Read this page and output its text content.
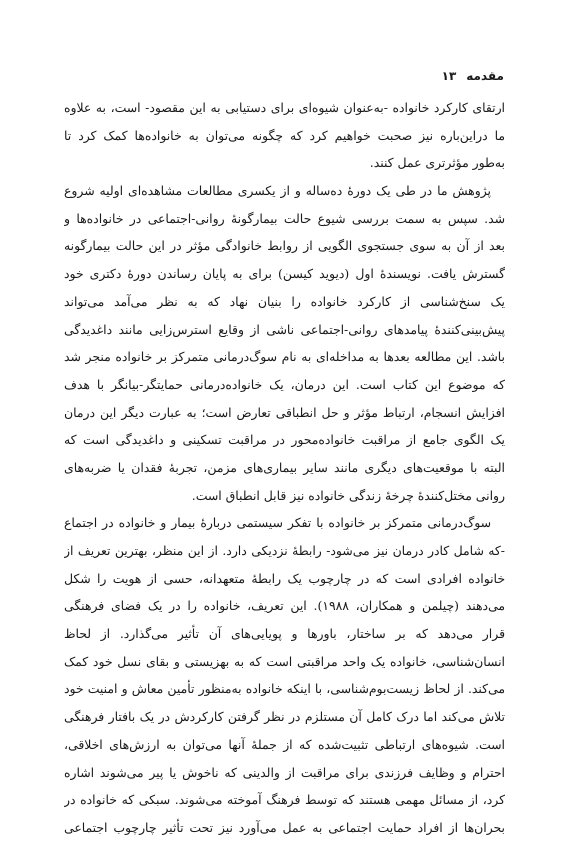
مقدمه
۱۳
ارتقای کارکرد خانواده -به‌عنوان شیوه‌ای برای دستیابی به این مقصود- است، به علاوه
ما دراین‌باره نیز صحبت خواهیم کرد که چگونه می‌توان به خانواده‌ها کمک کرد تا
به‌طور مؤثرتری عمل کنند.
پژوهش ما در طی یک دورهٔ ده‌ساله و از یکسری مطالعات مشاهده‌ای اولیه شروع
شد. سپس به سمت بررسی شیوع حالت بیمارگونهٔ روانی-اجتماعی در خانواده‌ها و
بعد از آن به سوی جستجوی الگویی از روابط خانوادگی مؤثر در این حالت بیمارگونه
گسترش یافت. نویسندهٔ اول (دیوید کیسن) برای به پایان رساندن دورهٔ دکتری خود
یک سنخ‌شناسی از کارکرد خانواده را بنیان نهاد که به نظر می‌آمد می‌تواند
پیش‌بینی‌کنندهٔ پیامدهای روانی-اجتماعی ناشی از وقایع استرس‌زایی مانند داغدیدگی
باشد. این مطالعه بعدها به مداخله‌ای به نام سوگ‌درمانی متمرکز بر خانواده منجر شد
که موضوع این کتاب است. این درمان، یک خانواده‌درمانی حمایتگر-بیانگر با هدف
افزایش انسجام، ارتباط مؤثر و حل انطباقی تعارض است؛ به عبارت دیگر این درمان
یک الگوی جامع از مراقبت خانواده‌محور در مراقبت تسکینی و داغدیدگی است که
البته با موقعیت‌های دیگری مانند سایر بیماری‌های مزمن، تجربهٔ فقدان یا ضربه‌های
روانی مختل‌کنندهٔ چرخهٔ زندگی خانواده نیز قابل انطباق است.
سوگ‌درمانی متمرکز بر خانواده با تفکر سیستمی دربارهٔ بیمار و خانواده در اجتماع
-که شامل کادر درمان نیز می‌شود- رابطهٔ نزدیکی دارد. از این منظر، بهترین تعریف از
خانواده افرادی است که در چارچوب یک رابطهٔ متعهدانه، حسی از هویت را شکل
می‌دهند (چیلمن و همکاران، ۱۹۸۸). این تعریف، خانواده را در یک فضای فرهنگی
قرار می‌دهد که بر ساختار، باورها و پویایی‌های آن تأثیر می‌گذارد. از لحاظ
انسان‌شناسی، خانواده یک واحد مراقبتی است که به بهزیستی و بقای نسل خود کمک
می‌کند. از لحاظ زیست‌بوم‌شناسی، با اینکه خانواده به‌منظور تأمین معاش و امنیت خود
تلاش می‌کند اما درک کامل آن مستلزم در نظر گرفتن کارکردش در یک بافتار فرهنگی
است. شیوه‌های ارتباطی تثبیت‌شده که از جملهٔ آنها می‌توان به ارزش‌های اخلاقی،
احترام و وظایف فرزندی برای مراقبت از والدینی که ناخوش یا پیر می‌شوند اشاره
کرد، از مسائل مهمی هستند که توسط فرهنگ آموخته می‌شوند. سبکی که خانواده در
بحران‌ها از افراد حمایت اجتماعی به عمل می‌آورد نیز تحت تأثیر چارچوب اجتماعی
